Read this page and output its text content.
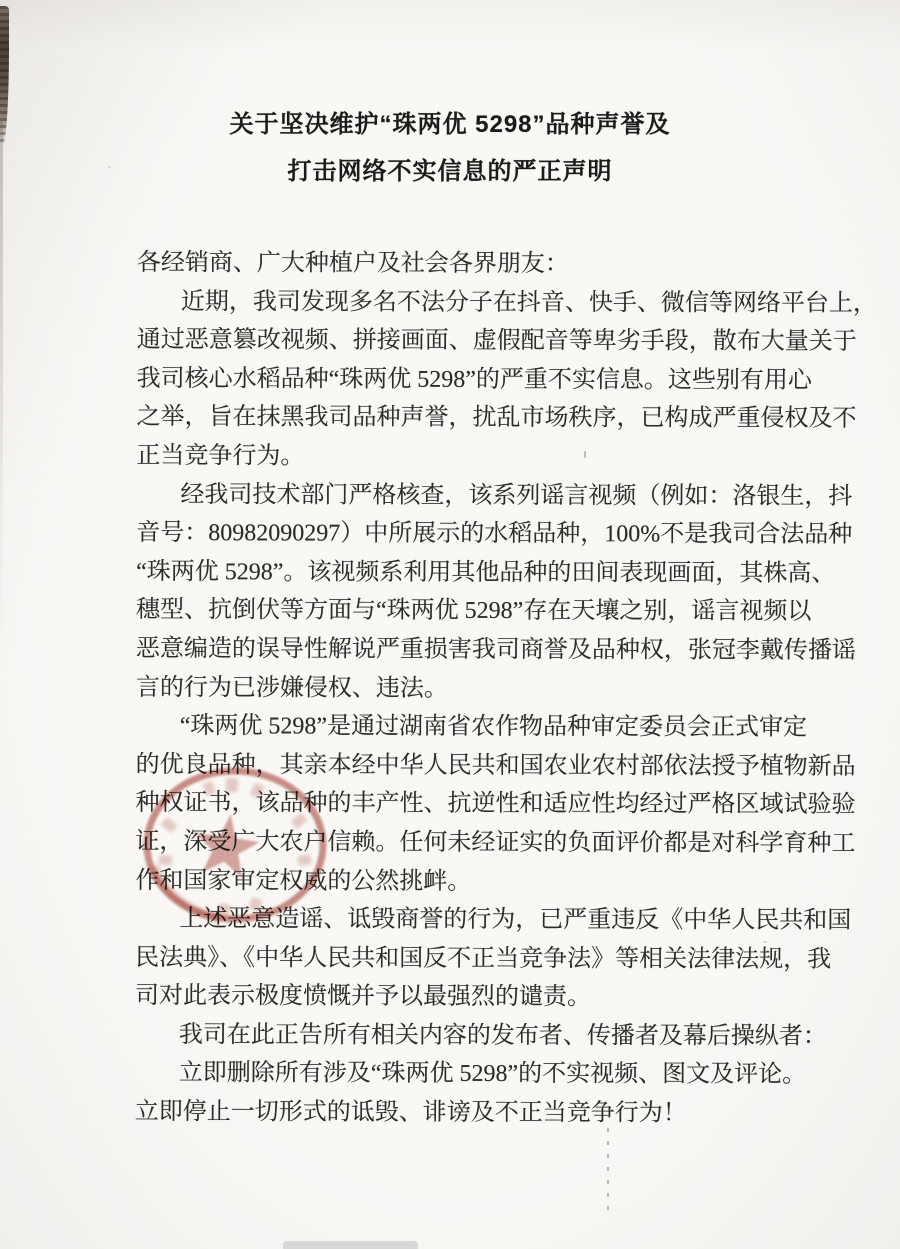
关于坚决维护“珠两优 5298”品种声誉及
打击网络不实信息的严正声明
各经销商、广大种植户及社会各界朋友：
近期，我司发现多名不法分子在抖音、快手、微信等网络平台上，
通过恶意篡改视频、拼接画面、虚假配音等卑劣手段，散布大量关于
我司核心水稻品种“珠两优 5298”的严重不实信息。这些别有用心
之举，旨在抹黑我司品种声誉，扰乱市场秩序，已构成严重侵权及不
正当竞争行为。
经我司技术部门严格核查，该系列谣言视频（例如：洛银生，抖
音号：80982090297）中所展示的水稻品种，100%不是我司合法品种
“珠两优 5298”。该视频系利用其他品种的田间表现画面，其株高、
穗型、抗倒伏等方面与“珠两优 5298”存在天壤之别，谣言视频以
恶意编造的误导性解说严重损害我司商誉及品种权，张冠李戴传播谣
言的行为已涉嫌侵权、违法。
“珠两优 5298”是通过湖南省农作物品种审定委员会正式审定
的优良品种，其亲本经中华人民共和国农业农村部依法授予植物新品
种权证书，该品种的丰产性、抗逆性和适应性均经过严格区域试验验
证，深受广大农户信赖。任何未经证实的负面评价都是对科学育种工
作和国家审定权威的公然挑衅。
上述恶意造谣、诋毁商誉的行为，已严重违反《中华人民共和国
民法典》、《中华人民共和国反不正当竞争法》等相关法律法规，我
司对此表示极度愤慨并予以最强烈的谴责。
我司在此正告所有相关内容的发布者、传播者及幕后操纵者：
立即删除所有涉及“珠两优 5298”的不实视频、图文及评论。
立即停止一切形式的诋毁、诽谤及不正当竞争行为！
